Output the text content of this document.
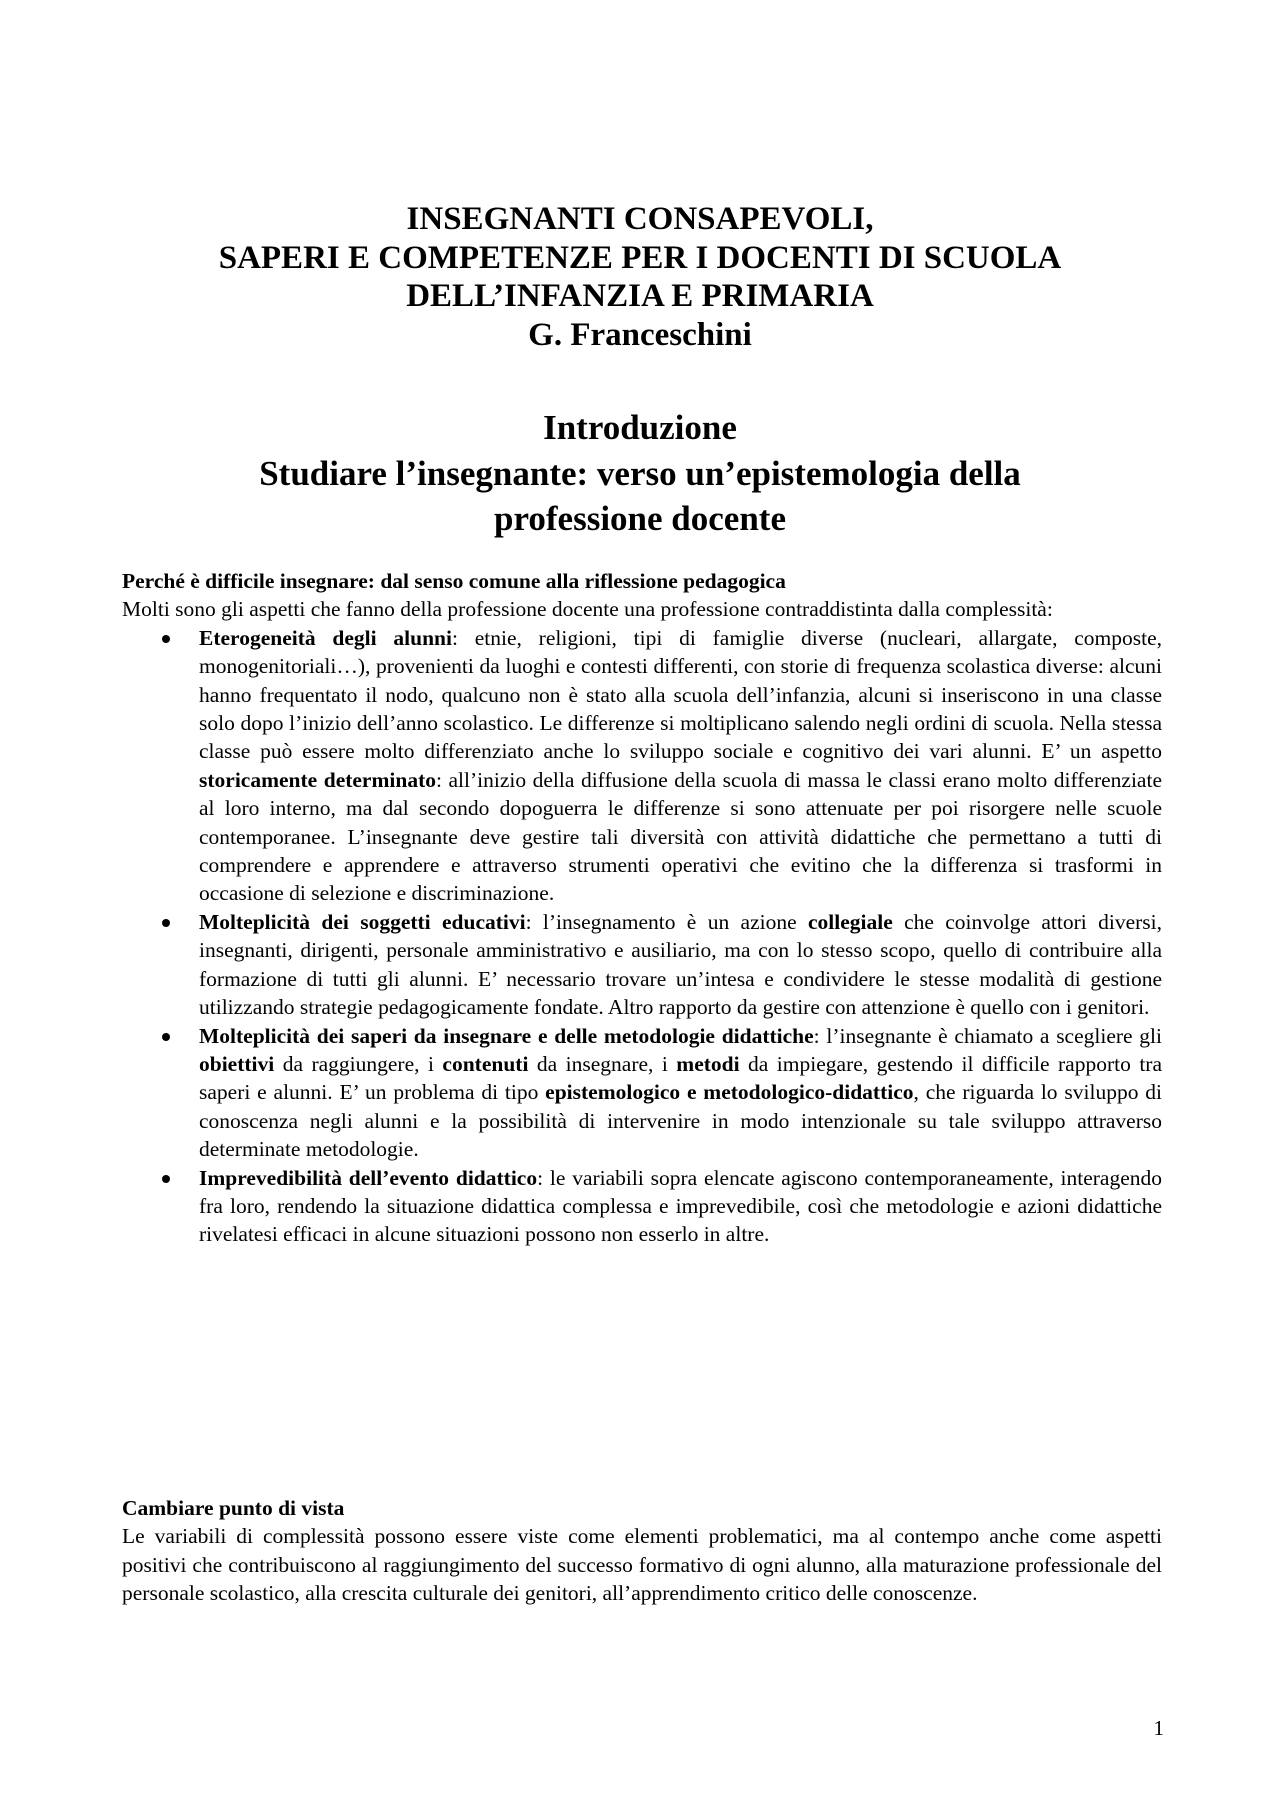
INSEGNANTI CONSAPEVOLI,
SAPERI E COMPETENZE PER I DOCENTI DI SCUOLA
DELL’INFANZIA E PRIMARIA
G. Franceschini
Introduzione
Studiare l’insegnante: verso un’epistemologia della
professione docente
Perché è difficile insegnare: dal senso comune alla riflessione pedagogica

Molti sono gli aspetti che fanno della professione docente una professione contraddistinta dalla complessità:

Eterogeneità degli alunni: etnie, religioni, tipi di famiglie diverse (nucleari, allargate, composte, monogenitoriali…), provenienti da luoghi e contesti differenti, con storie di frequenza scolastica diverse: alcuni hanno frequentato il nodo, qualcuno non è stato alla scuola dell’infanzia, alcuni si inseriscono in una classe solo dopo l’inizio dell’anno scolastico. Le differenze si moltiplicano salendo negli ordini di scuola. Nella stessa classe può essere molto differenziato anche lo sviluppo sociale e cognitivo dei vari alunni. E’ un aspetto storicamente determinato: all’inizio della diffusione della scuola di massa le classi erano molto differenziate al loro interno, ma dal secondo dopoguerra le differenze si sono attenuate per poi risorgere nelle scuole contemporanee. L’insegnante deve gestire tali diversità con attività didattiche che permettano a tutti di comprendere e apprendere e attraverso strumenti operativi che evitino che la differenza si trasformi in occasione di selezione e discriminazione.
Molteplicità dei soggetti educativi: l’insegnamento è un azione collegiale che coinvolge attori diversi, insegnanti, dirigenti, personale amministrativo e ausiliario, ma con lo stesso scopo, quello di contribuire alla formazione di tutti gli alunni. E’ necessario trovare un’intesa e condividere le stesse modalità di gestione utilizzando strategie pedagogicamente fondate. Altro rapporto da gestire con attenzione è quello con i genitori.
Molteplicità dei saperi da insegnare e delle metodologie didattiche: l’insegnante è chiamato a scegliere gli obiettivi da raggiungere, i contenuti da insegnare, i metodi da impiegare, gestendo il difficile rapporto tra saperi e alunni. E’ un problema di tipo epistemologico e metodologico-didattico, che riguarda lo sviluppo di conoscenza negli alunni e la possibilità di intervenire in modo intenzionale su tale sviluppo attraverso determinate metodologie.
Imprevedibilità dell’evento didattico: le variabili sopra elencate agiscono contemporaneamente, interagendo fra loro, rendendo la situazione didattica complessa e imprevedibile, così che metodologie e azioni didattiche rivelatesi efficaci in alcune situazioni possono non esserlo in altre.
Cambiare punto di vista

Le variabili di complessità possono essere viste come elementi problematici, ma al contempo anche come aspetti positivi che contribuiscono al raggiungimento del successo formativo di ogni alunno, alla maturazione professionale del personale scolastico, alla crescita culturale dei genitori, all’apprendimento critico delle conoscenze.

1
